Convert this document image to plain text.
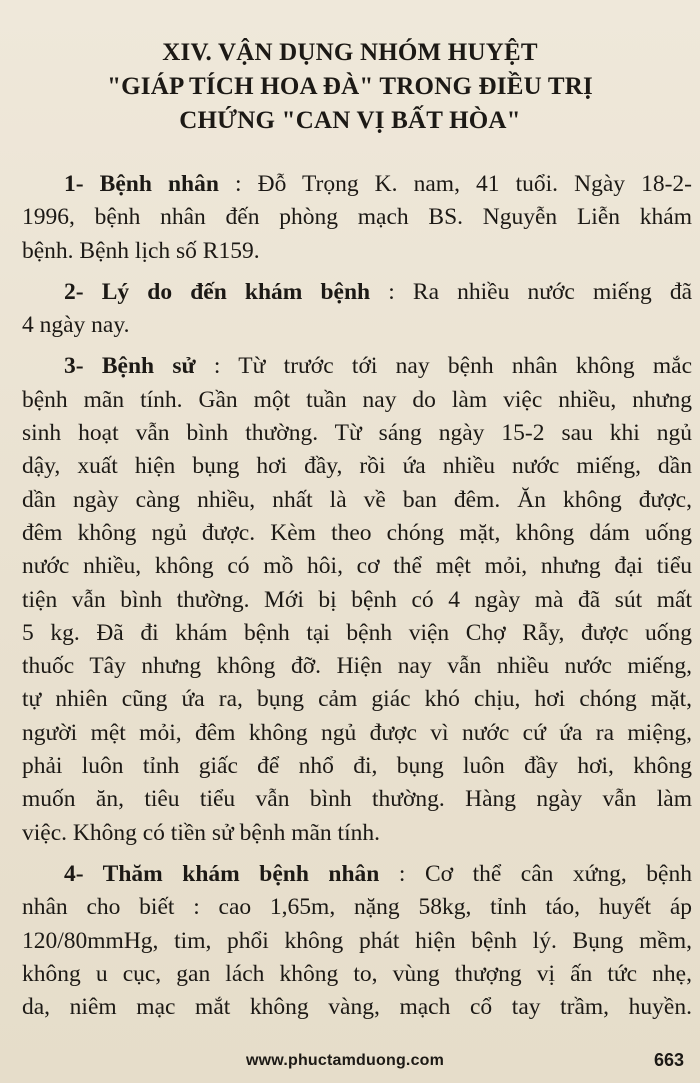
XIV. VẬN DỤNG NHÓM HUYỆT
"GIÁP TÍCH HOA ĐÀ" TRONG ĐIỀU TRỊ
CHỨNG "CAN VỊ BẤT HÒA"
1- Bệnh nhân : Đỗ Trọng K. nam, 41 tuổi. Ngày 18-2-
1996, bệnh nhân đến phòng mạch BS. Nguyễn Liễn khám
bệnh. Bệnh lịch số R159.
2- Lý do đến khám bệnh : Ra nhiều nước miếng đã
4 ngày nay.
3- Bệnh sử : Từ trước tới nay bệnh nhân không mắc
bệnh mãn tính. Gần một tuần nay do làm việc nhiều, nhưng
sinh hoạt vẫn bình thường. Từ sáng ngày 15-2 sau khi ngủ
dậy, xuất hiện bụng hơi đầy, rồi ứa nhiều nước miếng, dần
dần ngày càng nhiều, nhất là về ban đêm. Ăn không được,
đêm không ngủ được. Kèm theo chóng mặt, không dám uống
nước nhiều, không có mồ hôi, cơ thể mệt mỏi, nhưng đại tiểu
tiện vẫn bình thường. Mới bị bệnh có 4 ngày mà đã sút mất
5 kg. Đã đi khám bệnh tại bệnh viện Chợ Rẫy, được uống
thuốc Tây nhưng không đỡ. Hiện nay vẫn nhiều nước miếng,
tự nhiên cũng ứa ra, bụng cảm giác khó chịu, hơi chóng mặt,
người mệt mỏi, đêm không ngủ được vì nước cứ ứa ra miệng,
phải luôn tỉnh giấc để nhổ đi, bụng luôn đầy hơi, không
muốn ăn, tiêu tiểu vẫn bình thường. Hàng ngày vẫn làm
việc. Không có tiền sử bệnh mãn tính.
4- Thăm khám bệnh nhân : Cơ thể cân xứng, bệnh
nhân cho biết : cao 1,65m, nặng 58kg, tỉnh táo, huyết áp
120/80mmHg, tim, phổi không phát hiện bệnh lý. Bụng mềm,
không u cục, gan lách không to, vùng thượng vị ấn tức nhẹ,
da, niêm mạc mắt không vàng, mạch cổ tay trầm, huyền.
www.phuctamduong.com	663
